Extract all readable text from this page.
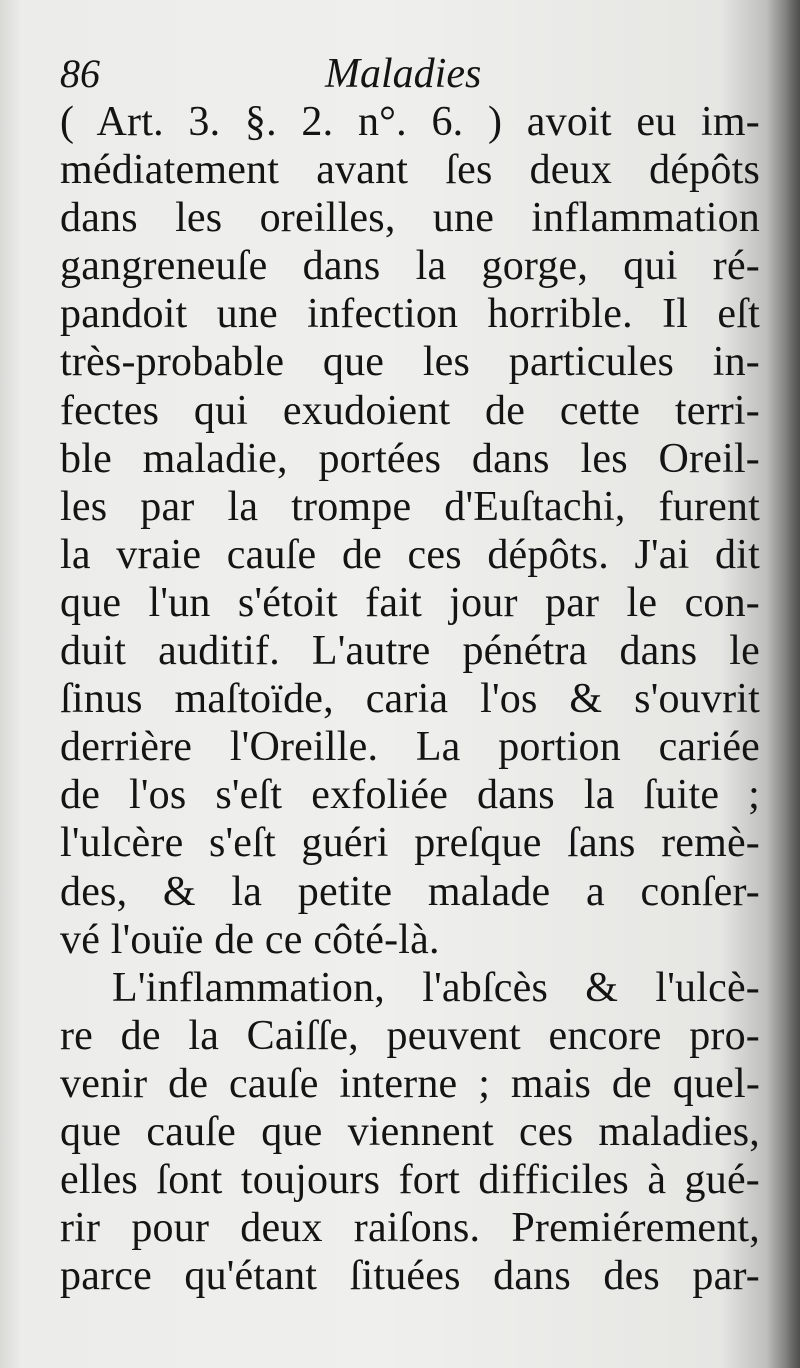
86	Maladies
( Art. 3. §. 2. n°. 6. ) avoit eu im-
médiatement avant ſes deux dépôts
dans les oreilles, une inflammation
gangreneuſe dans la gorge, qui ré-
pandoit une infection horrible. Il eſt
très-probable que les particules in-
fectes qui exudoient de cette terri-
ble maladie, portées dans les Oreil-
les par la trompe d'Euſtachi, furent
la vraie cauſe de ces dépôts. J'ai dit
que l'un s'étoit fait jour par le con-
duit auditif. L'autre pénétra dans le
ſinus maſtoïde, caria l'os & s'ouvrit
derrière l'Oreille. La portion cariée
de l'os s'eſt exfoliée dans la ſuite ;
l'ulcère s'eſt guéri preſque ſans remè-
des, & la petite malade a conſer-
vé l'ouïe de ce côté-là.
L'inflammation, l'abſcès & l'ulcè-
re de la Caiſſe, peuvent encore pro-
venir de cauſe interne ; mais de quel-
que cauſe que viennent ces maladies,
elles ſont toujours fort difficiles à gué-
rir pour deux raiſons. Premiérement,
parce qu'étant ſituées dans des par-
